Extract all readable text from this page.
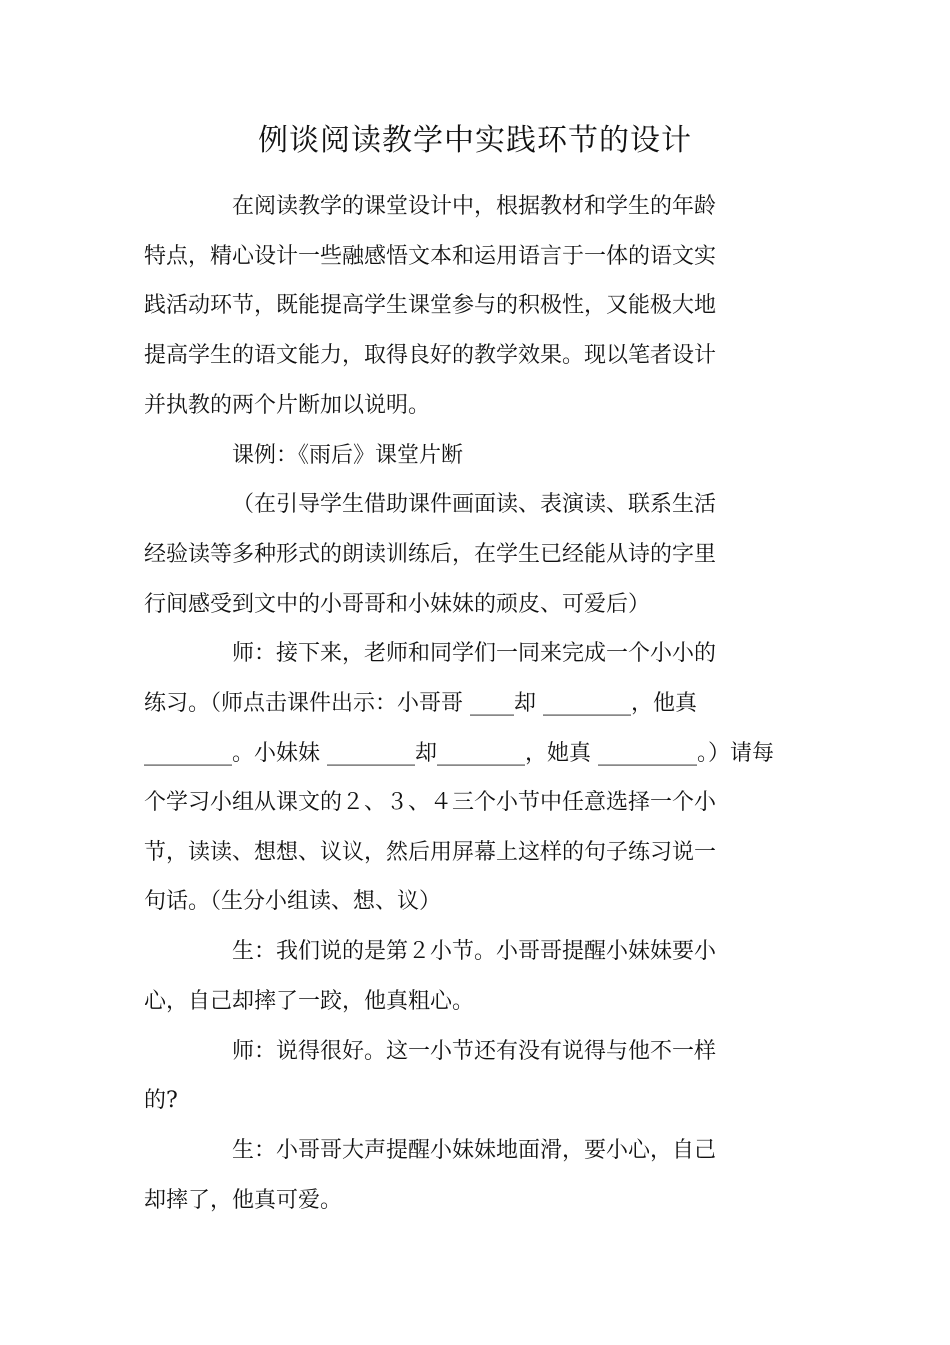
例谈阅读教学中实践环节的设计
在阅读教学的课堂设计中，根据教材和学生的年龄
特点，精心设计一些融感悟文本和运用语言于一体的语文实
践活动环节，既能提高学生课堂参与的积极性，又能极大地
提高学生的语文能力，取得良好的教学效果。现以笔者设计
并执教的两个片断加以说明。
课例：《雨后》课堂片断
（在引导学生借助课件画面读、表演读、联系生活
经验读等多种形式的朗读训练后，在学生已经能从诗的字里
行间感受到文中的小哥哥和小妹妹的顽皮、可爱后）
师：接下来，老师和同学们一同来完成一个小小的
练习。（师点击课件出示：小哥哥 ____却 ________，他真
________。小妹妹 ________却________，她真 _________。）请每
个学习小组从课文的２、３、４三个小节中任意选择一个小
节，读读、想想、议议，然后用屏幕上这样的句子练习说一
句话。（生分小组读、想、议）
生：我们说的是第２小节。小哥哥提醒小妹妹要小
心，自己却摔了一跤，他真粗心。
师：说得很好。这一小节还有没有说得与他不一样
的?
生：小哥哥大声提醒小妹妹地面滑，要小心，自己
却摔了，他真可爱。
